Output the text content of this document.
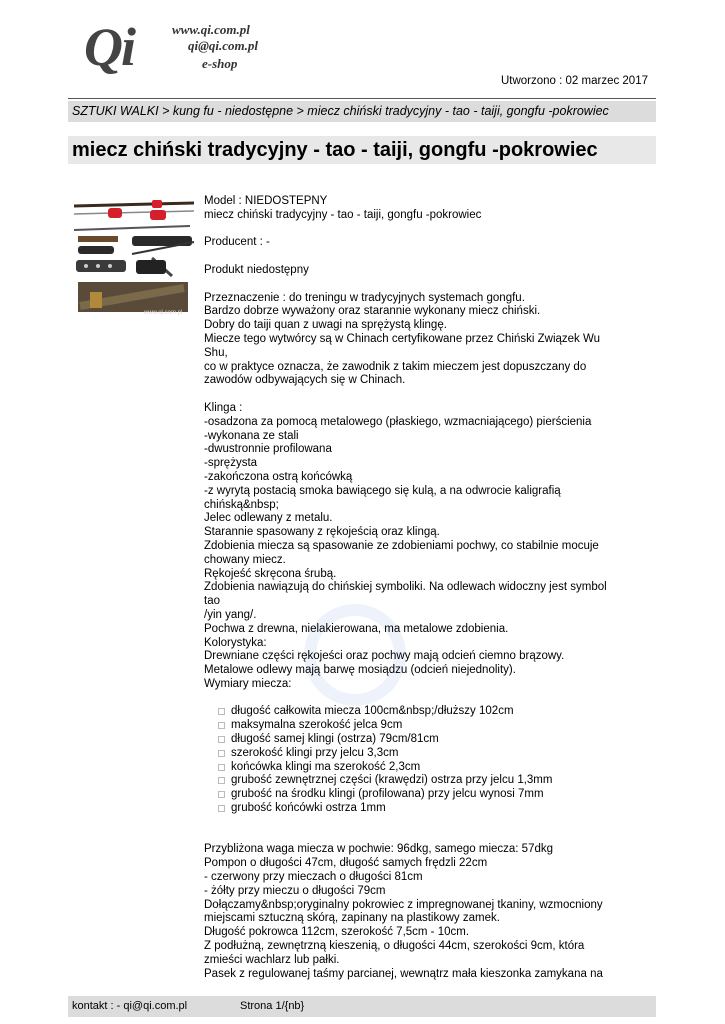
Qi	www.qi.com.pl
qi@qi.com.pl
e-shop
Utworzono : 02 marzec 2017
SZTUKI WALKI > kung fu - niedostępne > miecz chiński tradycyjny - tao - taiji, gongfu -pokrowiec
miecz chiński tradycyjny - tao - taiji, gongfu -pokrowiec
www.qi.com.pl
Model : NIEDOSTEPNY
miecz chiński tradycyjny - tao - taiji, gongfu -pokrowiec
Producent : -
Produkt niedostępny
Przeznaczenie : do treningu w tradycyjnych systemach gongfu.
Bardzo dobrze wyważony oraz starannie wykonany miecz chiński.
Dobry do taiji quan z uwagi na sprężystą klingę.
Miecze tego wytwórcy są w Chinach certyfikowane przez Chiński Związek Wu Shu,
co w praktyce oznacza, że zawodnik z takim mieczem jest dopuszczany do
zawodów odbywających się w Chinach.
Klinga :
-osadzona za pomocą metalowego (płaskiego, wzmacniającego) pierścienia
-wykonana ze stali
-dwustronnie profilowana
-sprężysta
-zakończona ostrą końcówką
-z wyrytą postacią smoka bawiącego się kulą, a na odwrocie kaligrafią
chińską&nbsp;
Jelec odlewany z metalu.
Starannie spasowany z rękojeścią oraz klingą.
Zdobienia miecza są spasowanie ze zdobieniami pochwy, co stabilnie mocuje
chowany miecz.
Rękojeść skręcona śrubą.
Zdobienia nawiązują do chińskiej symboliki. Na odlewach widoczny jest symbol tao
/yin yang/.
Pochwa z drewna, nielakierowana, ma metalowe zdobienia.
Kolorystyka:
Drewniane części rękojeści oraz pochwy mają odcień ciemno brązowy.
Metalowe odlewy mają barwę mosiądzu (odcień niejednolity).
Wymiary miecza:
długość całkowita miecza 100cm&nbsp;/dłuższy 102cm
maksymalna szerokość jelca 9cm
długość samej klingi (ostrza) 79cm/81cm
szerokość klingi przy jelcu 3,3cm
końcówka klingi ma szerokość 2,3cm
grubość zewnętrznej części (krawędzi) ostrza przy jelcu 1,3mm
grubość na środku klingi (profilowana) przy jelcu wynosi 7mm
grubość końcówki ostrza 1mm
Przybliżona waga miecza w pochwie: 96dkg, samego miecza: 57dkg
Pompon o długości 47cm, długość samych frędzli 22cm
- czerwony przy mieczach o długości 81cm
- żółty przy mieczu o długości 79cm
Dołączamy&nbsp;oryginalny pokrowiec z impregnowanej tkaniny, wzmocniony
miejscami sztuczną skórą, zapinany na plastikowy zamek.
Długość pokrowca 112cm, szerokość 7,5cm - 10cm.
Z podłużną, zewnętrzną kieszenią, o długości 44cm, szerokości 9cm, która
zmieści wachlarz lub pałki.
Pasek z regulowanej taśmy parcianej, wewnątrz mała kieszonka zamykana na
kontakt : - qi@qi.com.pl	Strona 1/{nb}
